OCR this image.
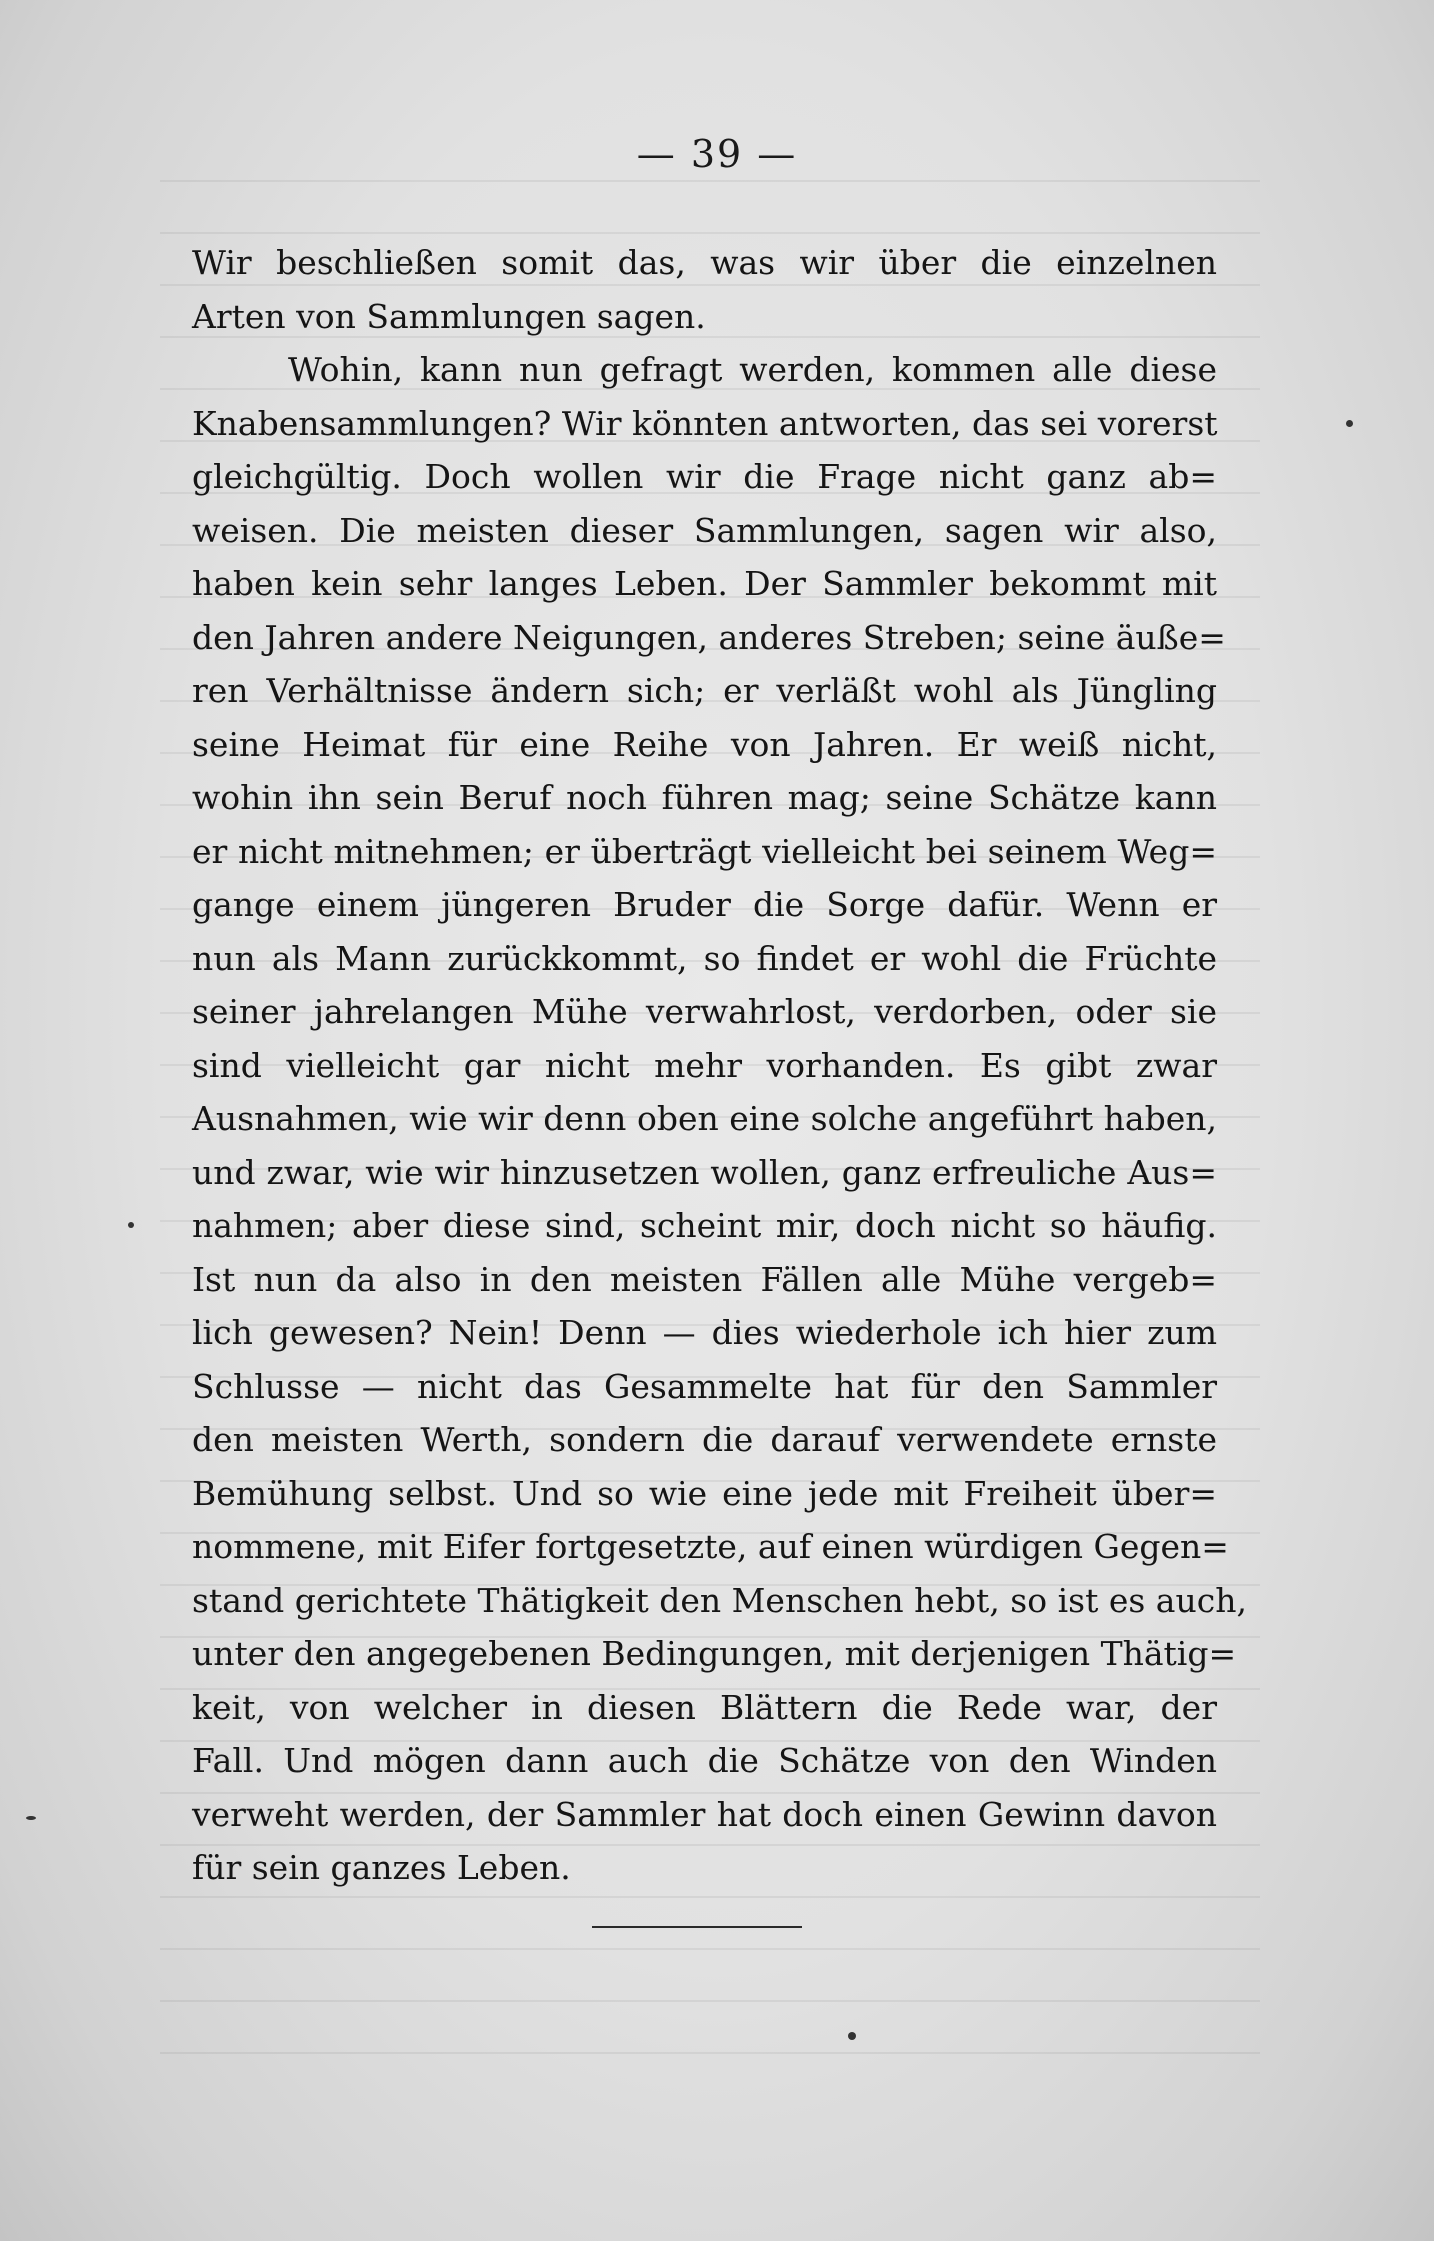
— 39 —
Wir beschließen somit das, was wir über die einzelnen
Arten von Sammlungen sagen.
Wohin, kann nun gefragt werden, kommen alle diese
Knabensammlungen? Wir könnten antworten, das sei vorerst
gleichgültig. Doch wollen wir die Frage nicht ganz ab=
weisen. Die meisten dieser Sammlungen, sagen wir also,
haben kein sehr langes Leben. Der Sammler bekommt mit
den Jahren andere Neigungen, anderes Streben; seine äuße=
ren Verhältnisse ändern sich; er verläßt wohl als Jüngling
seine Heimat für eine Reihe von Jahren. Er weiß nicht,
wohin ihn sein Beruf noch führen mag; seine Schätze kann
er nicht mitnehmen; er überträgt vielleicht bei seinem Weg=
gange einem jüngeren Bruder die Sorge dafür. Wenn er
nun als Mann zurückkommt, so findet er wohl die Früchte
seiner jahrelangen Mühe verwahrlost, verdorben, oder sie
sind vielleicht gar nicht mehr vorhanden. Es gibt zwar
Ausnahmen, wie wir denn oben eine solche angeführt haben,
und zwar, wie wir hinzusetzen wollen, ganz erfreuliche Aus=
nahmen; aber diese sind, scheint mir, doch nicht so häufig.
Ist nun da also in den meisten Fällen alle Mühe vergeb=
lich gewesen? Nein! Denn — dies wiederhole ich hier zum
Schlusse — nicht das Gesammelte hat für den Sammler
den meisten Werth, sondern die darauf verwendete ernste
Bemühung selbst. Und so wie eine jede mit Freiheit über=
nommene, mit Eifer fortgesetzte, auf einen würdigen Gegen=
stand gerichtete Thätigkeit den Menschen hebt, so ist es auch,
unter den angegebenen Bedingungen, mit derjenigen Thätig=
keit, von welcher in diesen Blättern die Rede war, der
Fall. Und mögen dann auch die Schätze von den Winden
verweht werden, der Sammler hat doch einen Gewinn davon
für sein ganzes Leben.
